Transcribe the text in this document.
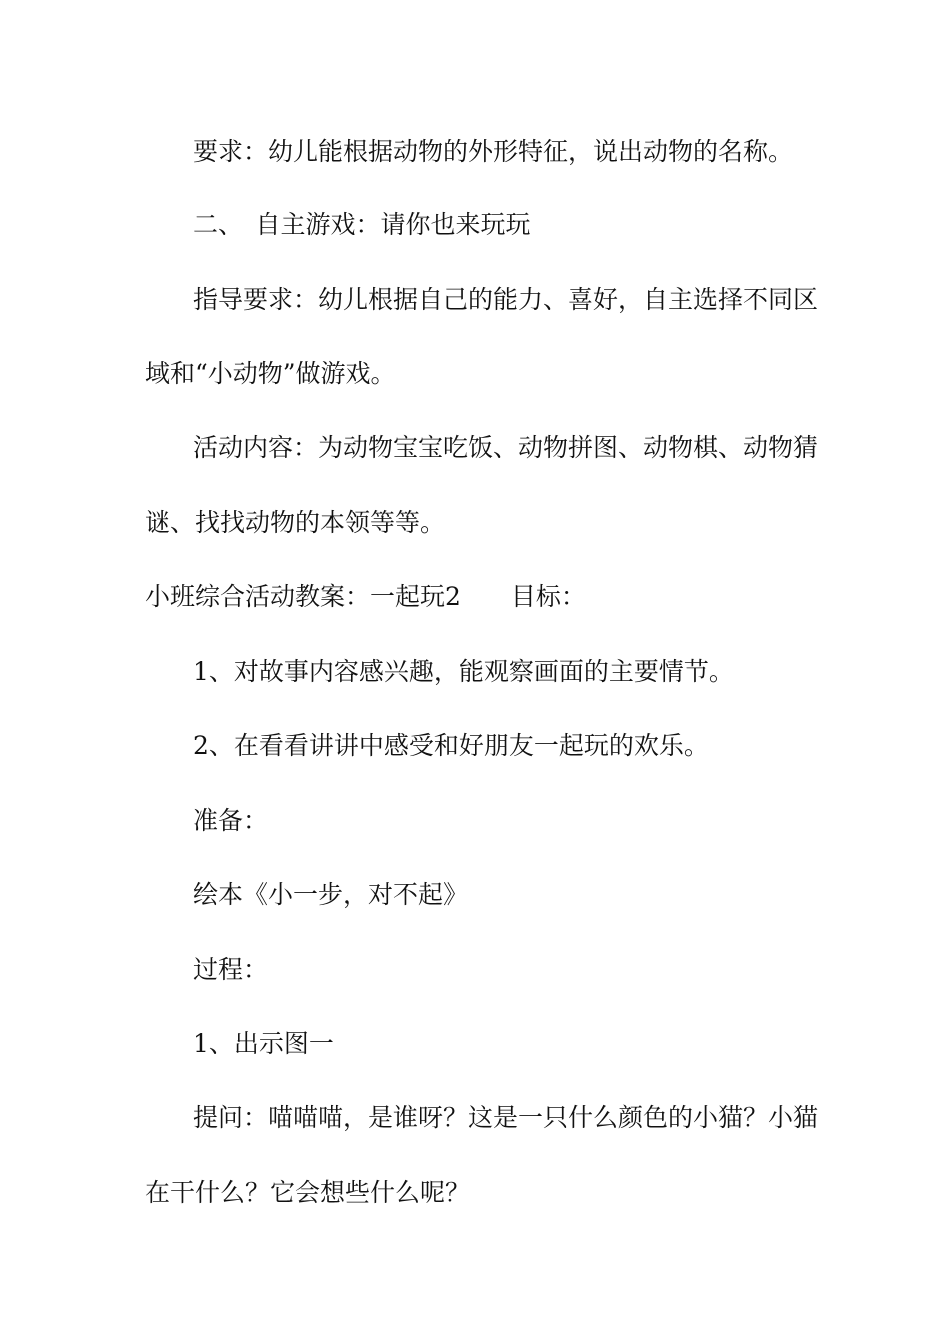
要求：幼儿能根据动物的外形特征，说出动物的名称。
二、　自主游戏：请你也来玩玩
指导要求：幼儿根据自己的能力、喜好，自主选择不同区
域和“小动物”做游戏。
活动内容：为动物宝宝吃饭、动物拼图、动物棋、动物猜
谜、找找动物的本领等等。
小班综合活动教案：一起玩2　　目标：
1、对故事内容感兴趣，能观察画面的主要情节。
2、在看看讲讲中感受和好朋友一起玩的欢乐。
准备：
绘本《小一步，对不起》
过程：
1、出示图一
提问：喵喵喵，是谁呀？这是一只什么颜色的小猫？小猫
在干什么？它会想些什么呢？
